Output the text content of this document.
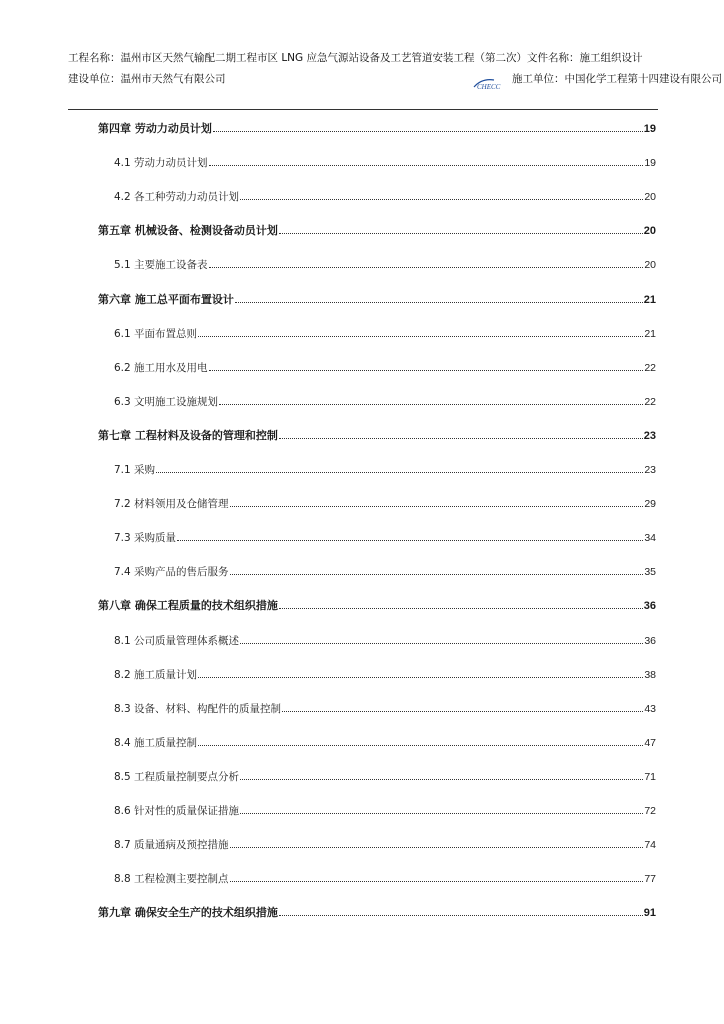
工程名称：温州市区天然气输配二期工程市区 LNG 应急气源站设备及工艺管道安装工程（第二次）文件名称：施工组织设计
建设单位：温州市天然气有限公司
CHECC
施工单位：中国化学工程第十四建设有限公司
第四章 劳动力动员计划	19
4.1 劳动力动员计划	19
4.2 各工种劳动力动员计划	20
第五章 机械设备、检测设备动员计划	20
5.1 主要施工设备表	20
第六章 施工总平面布置设计	21
6.1 平面布置总则	21
6.2 施工用水及用电	22
6.3 文明施工设施规划	22
第七章 工程材料及设备的管理和控制	23
7.1 采购	23
7.2 材料领用及仓储管理	29
7.3 采购质量	34
7.4 采购产品的售后服务	35
第八章 确保工程质量的技术组织措施	36
8.1 公司质量管理体系概述	36
8.2 施工质量计划	38
8.3 设备、材料、构配件的质量控制	43
8.4 施工质量控制	47
8.5 工程质量控制要点分析	71
8.6 针对性的质量保证措施	72
8.7 质量通病及预控措施	74
8.8 工程检测主要控制点	77
第九章 确保安全生产的技术组织措施	91
